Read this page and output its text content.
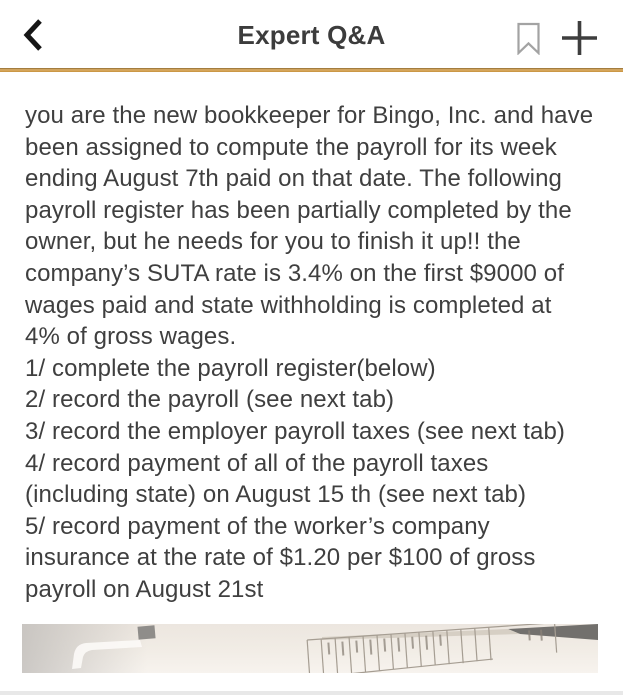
Expert Q&A
you are the new bookkeeper for Bingo, Inc. and have
been assigned to compute the payroll for its week
ending August 7th paid on that date. The following
payroll register has been partially completed by the
owner, but he needs for you to finish it up!! the
company’s SUTA rate is 3.4% on the first $9000 of
wages paid and state withholding is completed at
4% of gross wages.
1/ complete the payroll register(below)
2/ record the payroll (see next tab)
3/ record the employer payroll taxes (see next tab)
4/ record payment of all of the payroll taxes
(including state) on August 15 th (see next tab)
5/ record payment of the worker’s company
insurance at the rate of $1.20 per $100 of gross
payroll on August 21st
